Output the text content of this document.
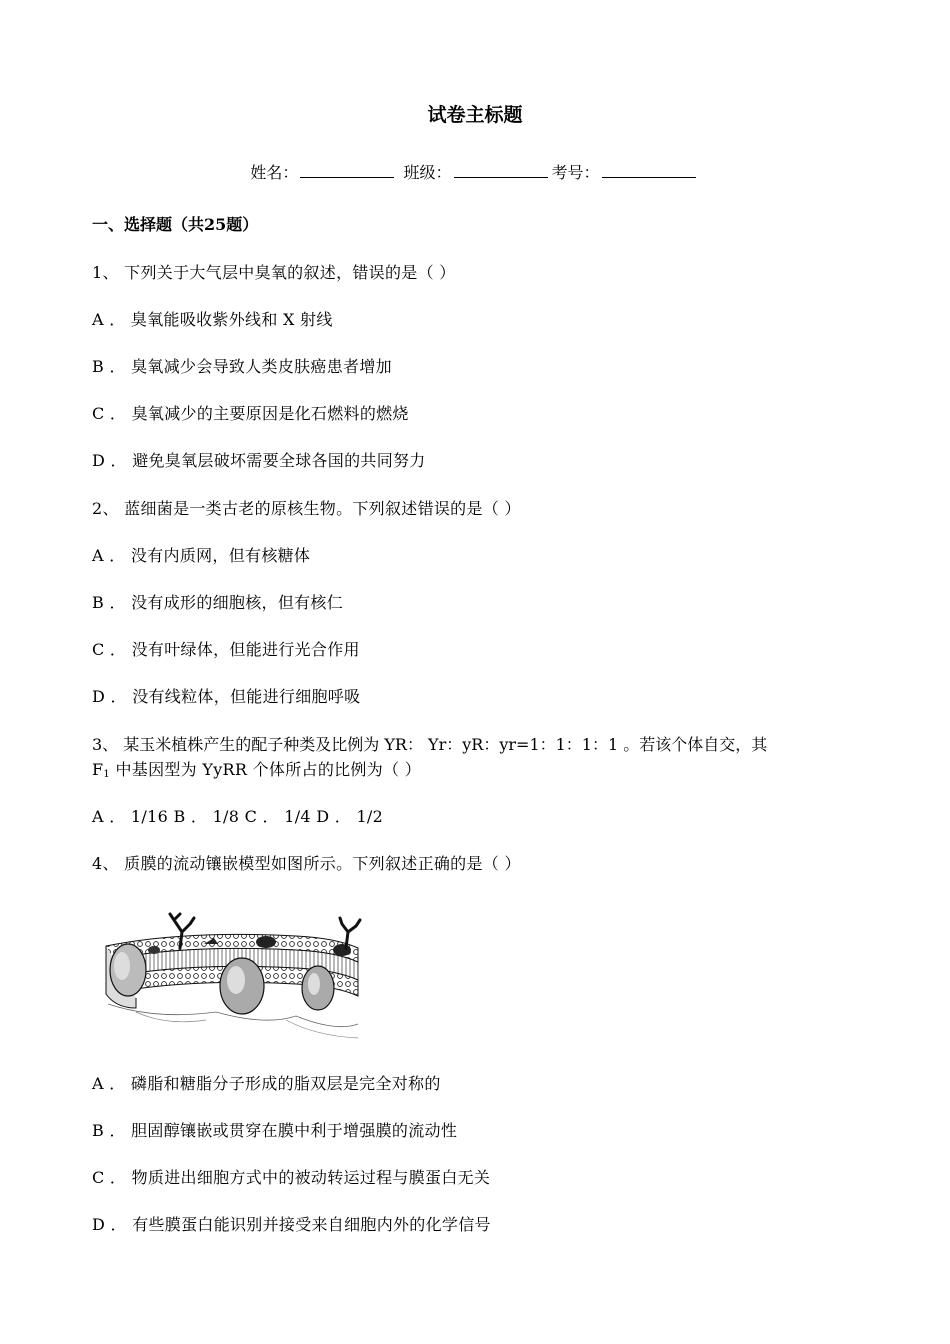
试卷主标题
姓名：	班级：	考号：
一、选择题（共25题）
1、 下列关于大气层中臭氧的叙述，错误的是（ ）
A ． 臭氧能吸收紫外线和 X 射线
B ． 臭氧减少会导致人类皮肤癌患者增加
C ． 臭氧减少的主要原因是化石燃料的燃烧
D ． 避免臭氧层破坏需要全球各国的共同努力
2、 蓝细菌是一类古老的原核生物。下列叙述错误的是（ ）
A ． 没有内质网，但有核糖体
B ． 没有成形的细胞核，但有核仁
C ． 没有叶绿体，但能进行光合作用
D ． 没有线粒体，但能进行细胞呼吸
3、 某玉米植株产生的配子种类及比例为 YR： Yr：yR：yr=1：1：1：1 。若该个体自交，其
$F_1$ 中基因型为 YyRR 个体所占的比例为（ ）
A ． 1/16 B ． 1/8 C ． 1/4 D ． 1/2
4、 质膜的流动镶嵌模型如图所示。下列叙述正确的是（ ）
A ． 磷脂和糖脂分子形成的脂双层是完全对称的
B ． 胆固醇镶嵌或贯穿在膜中利于增强膜的流动性
C ． 物质进出细胞方式中的被动转运过程与膜蛋白无关
D ． 有些膜蛋白能识别并接受来自细胞内外的化学信号
